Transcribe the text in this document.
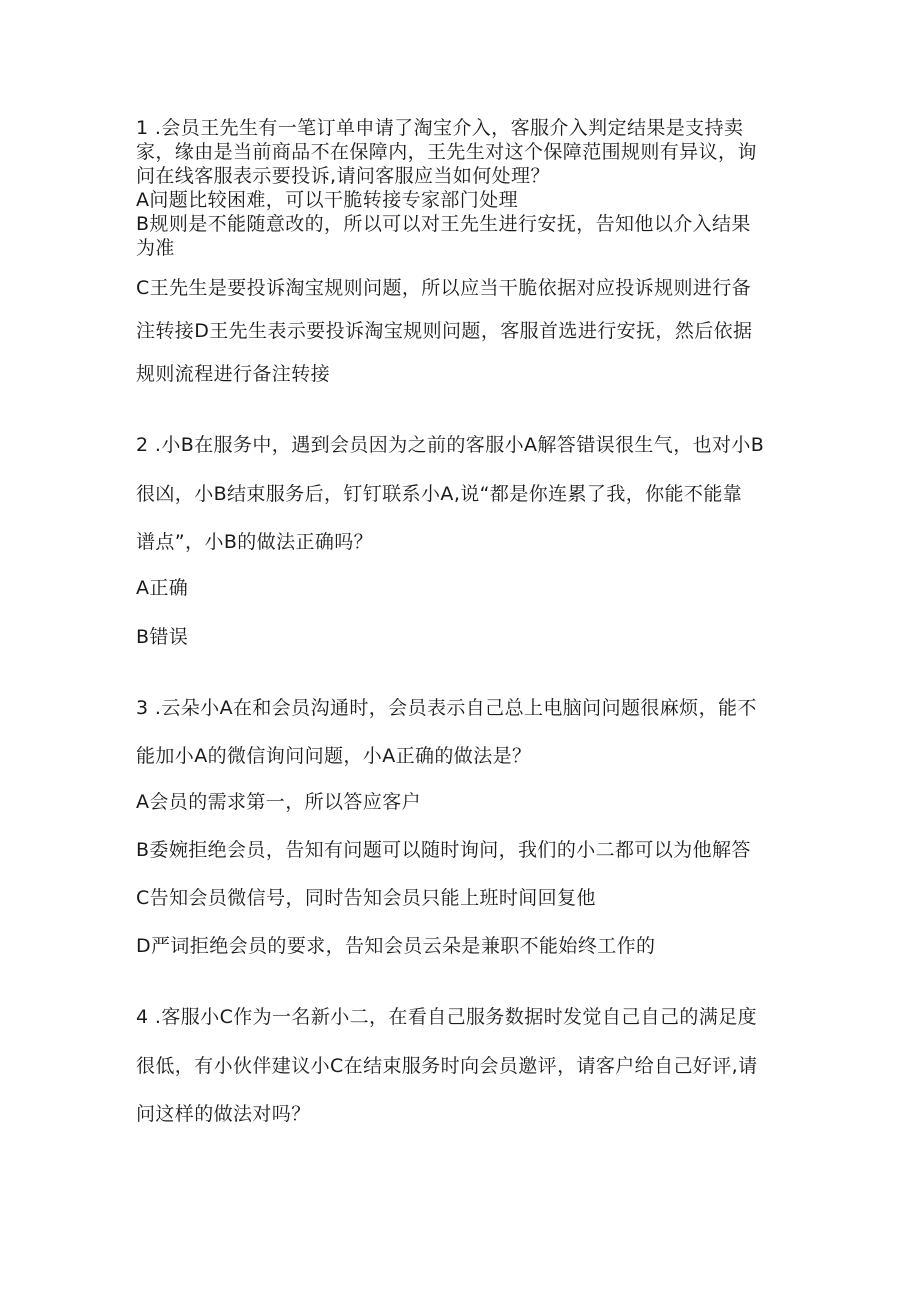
1 .会员王先生有一笔订单申请了淘宝介入，客服介入判定结果是支持卖
家，缘由是当前商品不在保障内，王先生对这个保障范围规则有异议，询
问在线客服表示要投诉,请问客服应当如何处理？
A问题比较困难，可以干脆转接专家部门处理
B规则是不能随意改的，所以可以对王先生进行安抚，告知他以介入结果
为准
C王先生是要投诉淘宝规则问题，所以应当干脆依据对应投诉规则进行备
注转接D王先生表示要投诉淘宝规则问题，客服首选进行安抚，然后依据
规则流程进行备注转接
2 .小B在服务中，遇到会员因为之前的客服小A解答错误很生气，也对小B
很凶，小B结束服务后，钉钉联系小A,说“都是你连累了我，你能不能靠
谱点”，小B的做法正确吗？
A正确
B错误
3 .云朵小A在和会员沟通时，会员表示自己总上电脑问问题很麻烦，能不
能加小A的微信询问问题，小A正确的做法是？
A会员的需求第一，所以答应客户
B委婉拒绝会员，告知有问题可以随时询问，我们的小二都可以为他解答
C告知会员微信号，同时告知会员只能上班时间回复他
D严词拒绝会员的要求，告知会员云朵是兼职不能始终工作的
4 .客服小C作为一名新小二，在看自己服务数据时发觉自己自己的满足度
很低，有小伙伴建议小C在结束服务时向会员邀评，请客户给自己好评,请
问这样的做法对吗？
